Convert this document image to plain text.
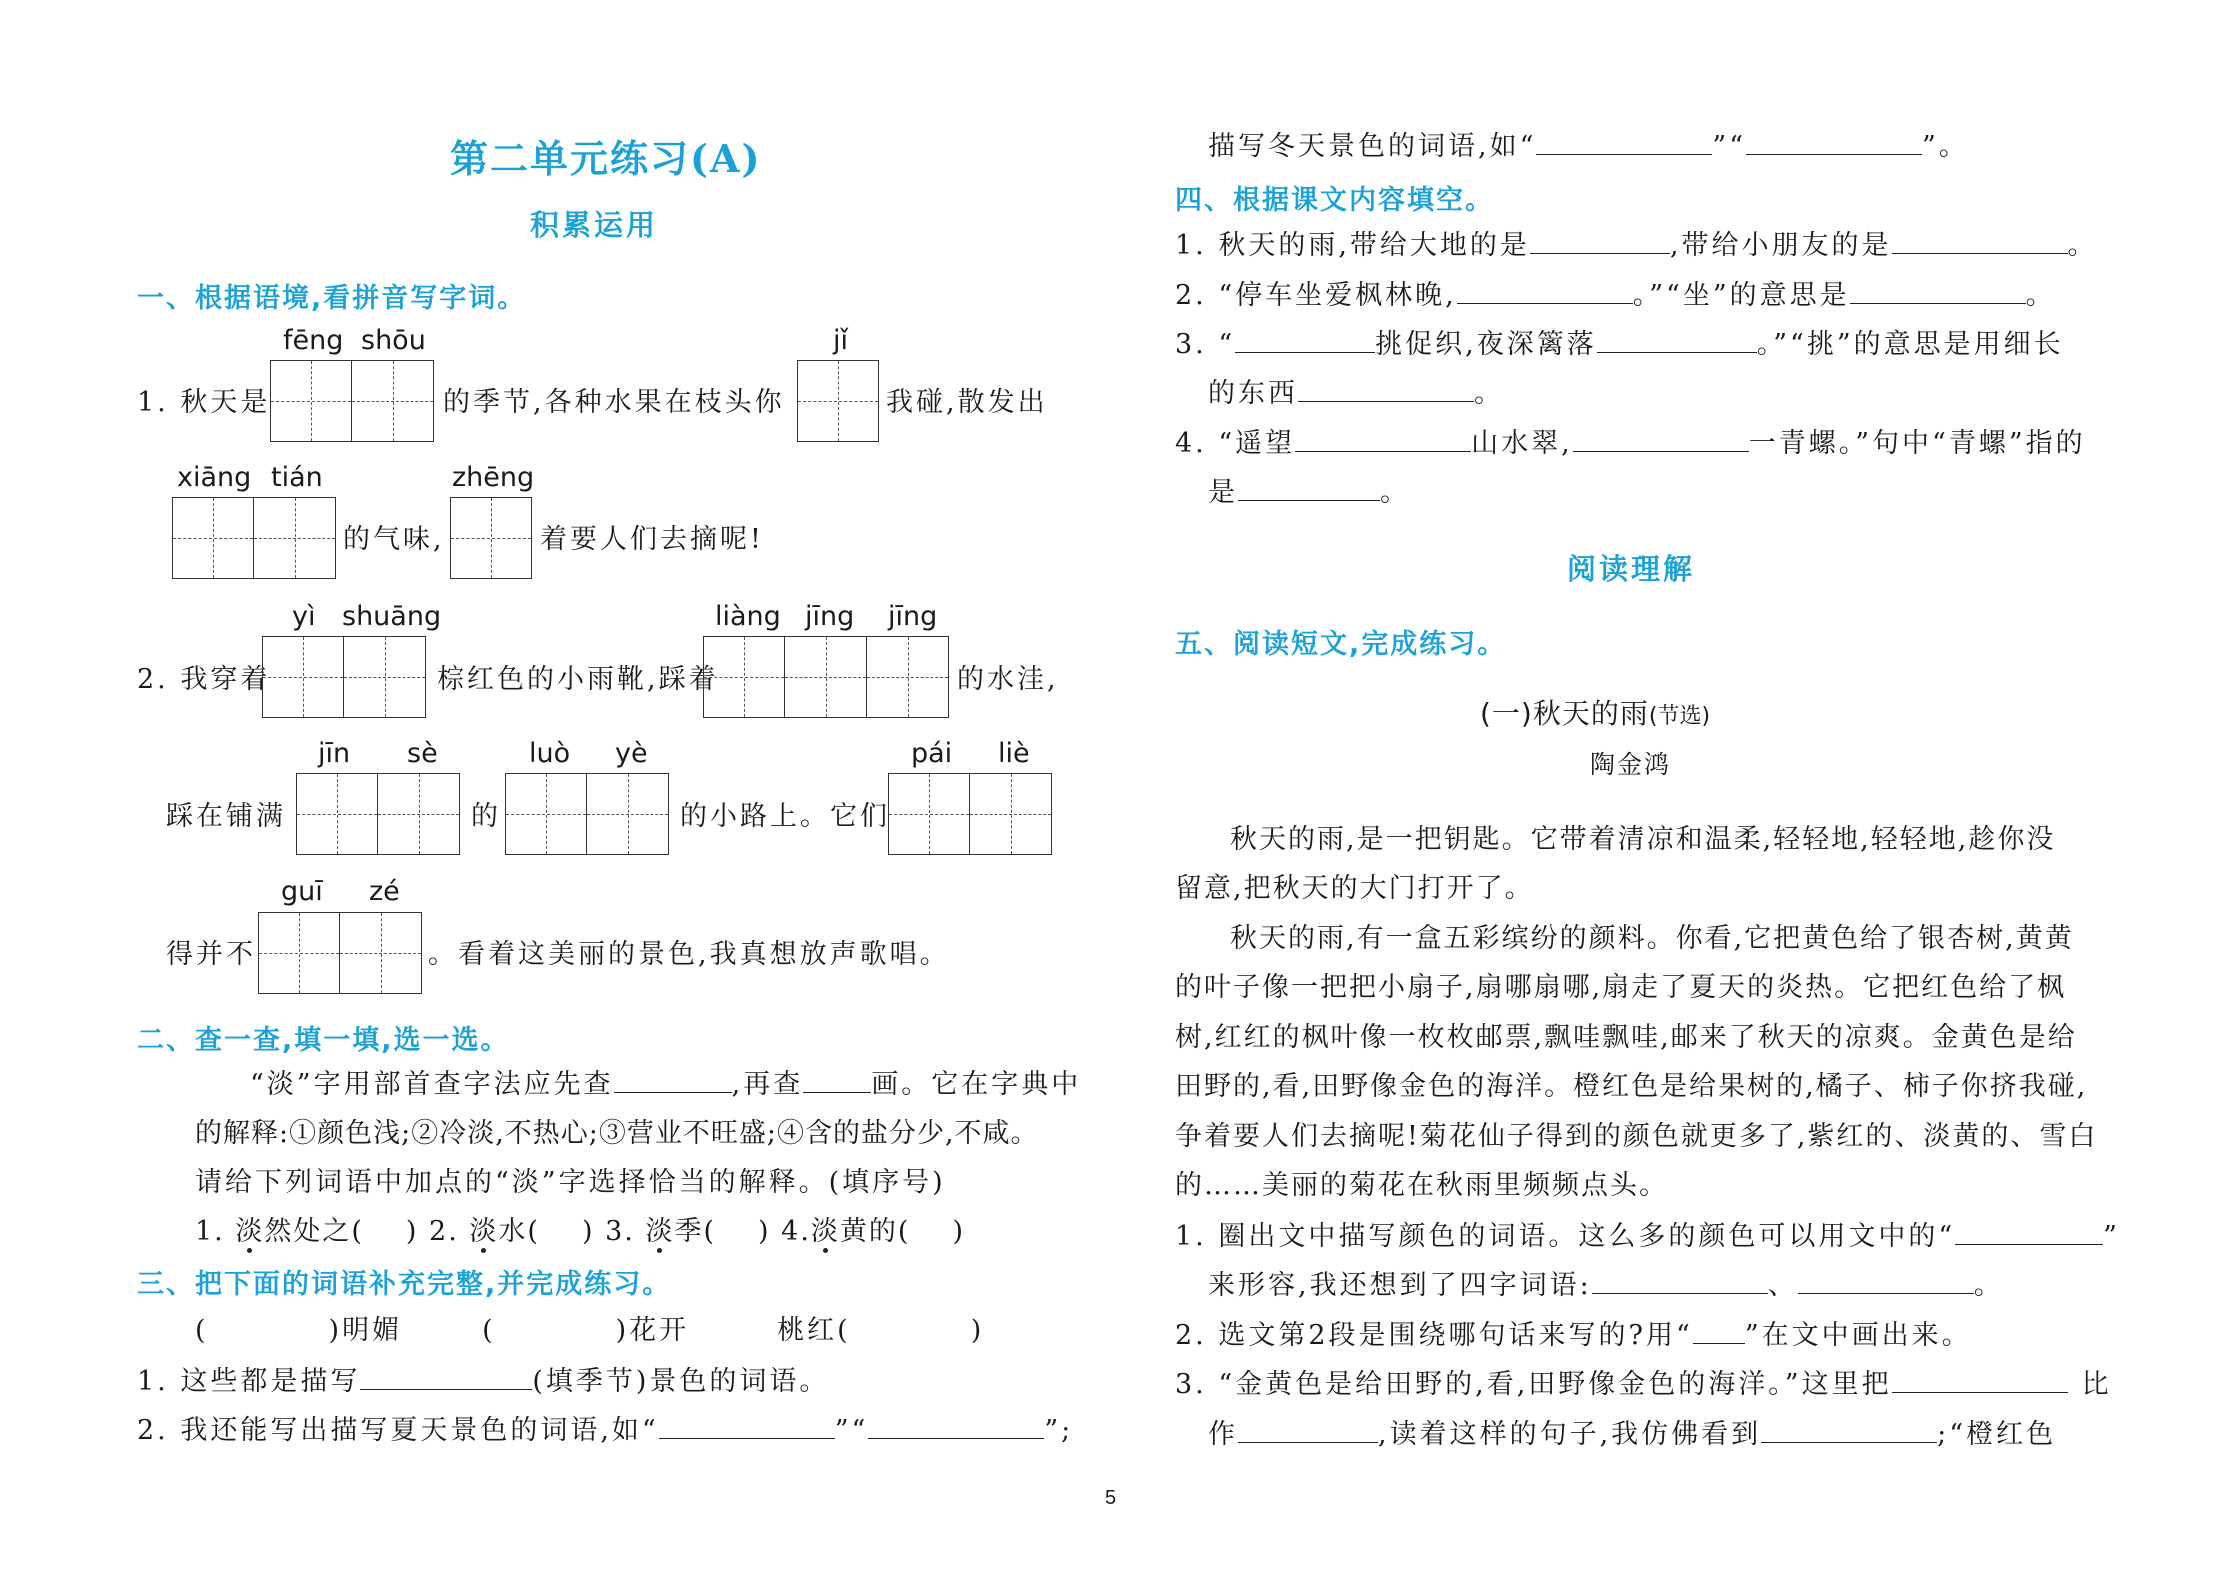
第二单元练习(A)
积累运用
一、根据语境,看拼音写字词。
fēng shōu	jǐ
1. 秋天是	的季节,各种水果在枝头你	我碰,散发出
xiāng tián	zhēng
的气味,	着要人们去摘呢!
yì shuāng	liàng jīng jīng
2. 我穿着	棕红色的小雨靴,踩着	的水洼,
jīn sè	luò yè	pái liè
踩在铺满	的	的小路上。它们
guī zé
得并不	。看着这美丽的景色,我真想放声歌唱。
二、查一查,填一填,选一选。
“淡”字用部首查字法应先查	,再查	画。它在字典中
的解释:①颜色浅;②冷淡,不热心;③营业不旺盛;④含的盐分少,不咸。
请给下列词语中加点的“淡”字选择恰当的解释。(填序号)
1. 淡然处之( ) 2. 淡水( ) 3. 淡季( ) 4.淡黄的( )
三、把下面的词语补充完整,并完成练习。
(	)明媚	(	)花开	桃红(	)
1. 这些都是描写	(填季节)景色的词语。
2. 我还能写出描写夏天景色的词语,如“	”“	”;
5
描写冬天景色的词语,如“	”“	”。
四、根据课文内容填空。
1. 秋天的雨,带给大地的是	,带给小朋友的是	。
2. “停车坐爱枫林晚,	。”“坐”的意思是	。
3. “	挑促织,夜深篱落	。”“挑”的意思是用细长
的东西	。
4. “遥望	山水翠,	一青螺。”句中“青螺”指的
是	。
阅读理解
五、阅读短文,完成练习。
(一)秋天的雨(节选)
陶金鸿
秋天的雨,是一把钥匙。它带着清凉和温柔,轻轻地,轻轻地,趁你没
留意,把秋天的大门打开了。
秋天的雨,有一盒五彩缤纷的颜料。你看,它把黄色给了银杏树,黄黄
的叶子像一把把小扇子,扇哪扇哪,扇走了夏天的炎热。它把红色给了枫
树,红红的枫叶像一枚枚邮票,飘哇飘哇,邮来了秋天的凉爽。金黄色是给
田野的,看,田野像金色的海洋。橙红色是给果树的,橘子、柿子你挤我碰,
争着要人们去摘呢!菊花仙子得到的颜色就更多了,紫红的、淡黄的、雪白
的……美丽的菊花在秋雨里频频点头。
1. 圈出文中描写颜色的词语。这么多的颜色可以用文中的“	”
来形容,我还想到了四字词语:	、	。
2. 选文第2段是围绕哪句话来写的?用“ ”在文中画出来。
3. “金黄色是给田野的,看,田野像金色的海洋。”这里把	比
作	,读着这样的句子,我仿佛看到	;“橙红色
